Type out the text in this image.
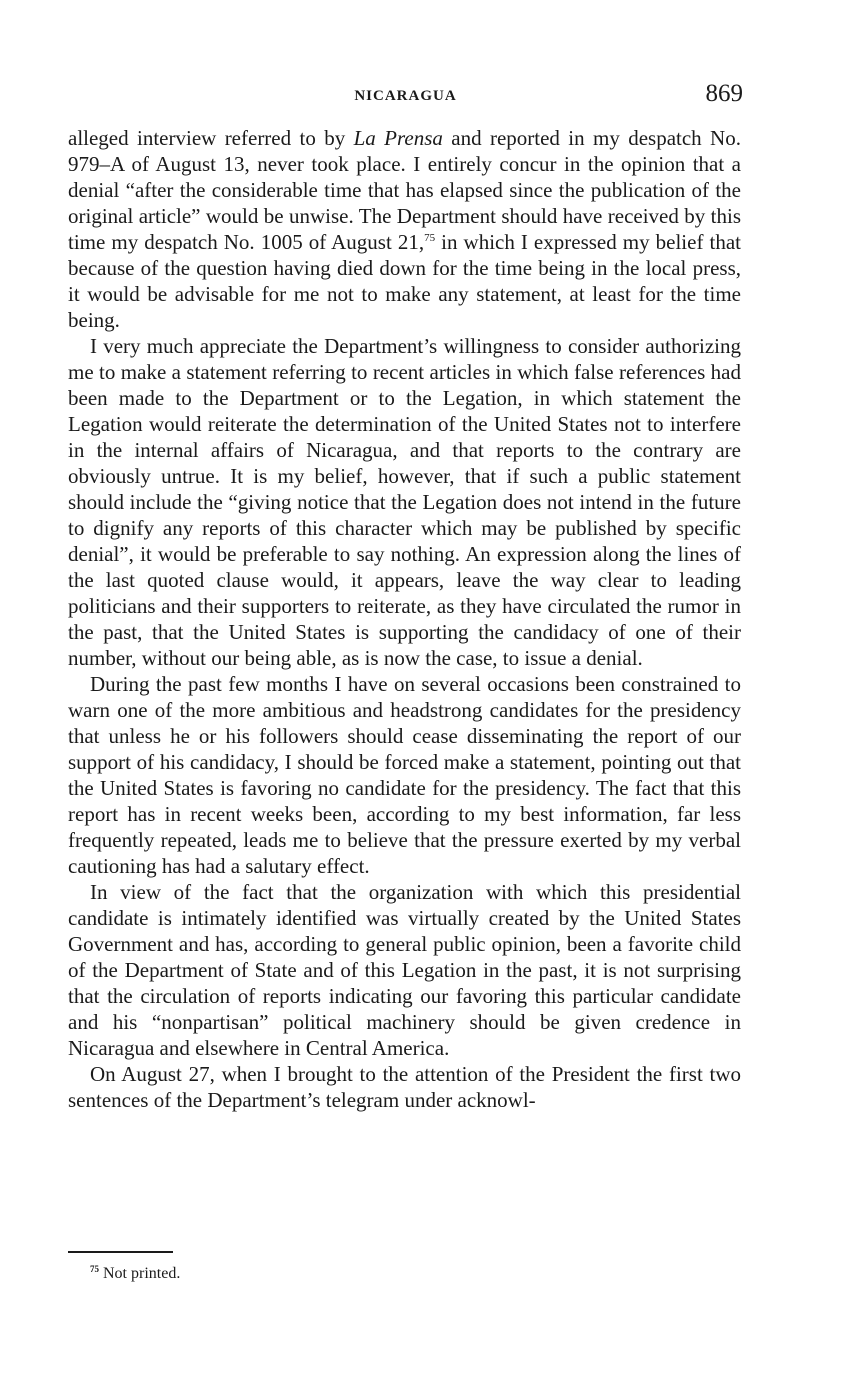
NICARAGUA	869

alleged interview referred to by La Prensa and reported in my despatch No. 979–A of August 13, never took place. I entirely concur in the opinion that a denial “after the considerable time that has elapsed since the publication of the original article” would be unwise. The Department should have received by this time my despatch No. 1005 of August 21,75 in which I expressed my belief that because of the question having died down for the time being in the local press, it would be advisable for me not to make any statement, at least for the time being.

I very much appreciate the Department’s willingness to consider authorizing me to make a statement referring to recent articles in which false references had been made to the Department or to the Legation, in which statement the Legation would reiterate the determination of the United States not to interfere in the internal affairs of Nicaragua, and that reports to the contrary are obviously untrue. It is my belief, however, that if such a public statement should include the “giving notice that the Legation does not intend in the future to dignify any reports of this character which may be published by specific denial”, it would be preferable to say nothing. An expression along the lines of the last quoted clause would, it appears, leave the way clear to leading politicians and their supporters to reiterate, as they have circulated the rumor in the past, that the United States is supporting the candidacy of one of their number, without our being able, as is now the case, to issue a denial.

During the past few months I have on several occasions been constrained to warn one of the more ambitious and headstrong candidates for the presidency that unless he or his followers should cease disseminating the report of our support of his candidacy, I should be forced make a statement, pointing out that the United States is favoring no candidate for the presidency. The fact that this report has in recent weeks been, according to my best information, far less frequently repeated, leads me to believe that the pressure exerted by my verbal cautioning has had a salutary effect.

In view of the fact that the organization with which this presidential candidate is intimately identified was virtually created by the United States Government and has, according to general public opinion, been a favorite child of the Department of State and of this Legation in the past, it is not surprising that the circulation of reports indicating our favoring this particular candidate and his “nonpartisan” political machinery should be given credence in Nicaragua and elsewhere in Central America.

On August 27, when I brought to the attention of the President the first two sentences of the Department’s telegram under acknowl-

$^{75}$ Not printed.
